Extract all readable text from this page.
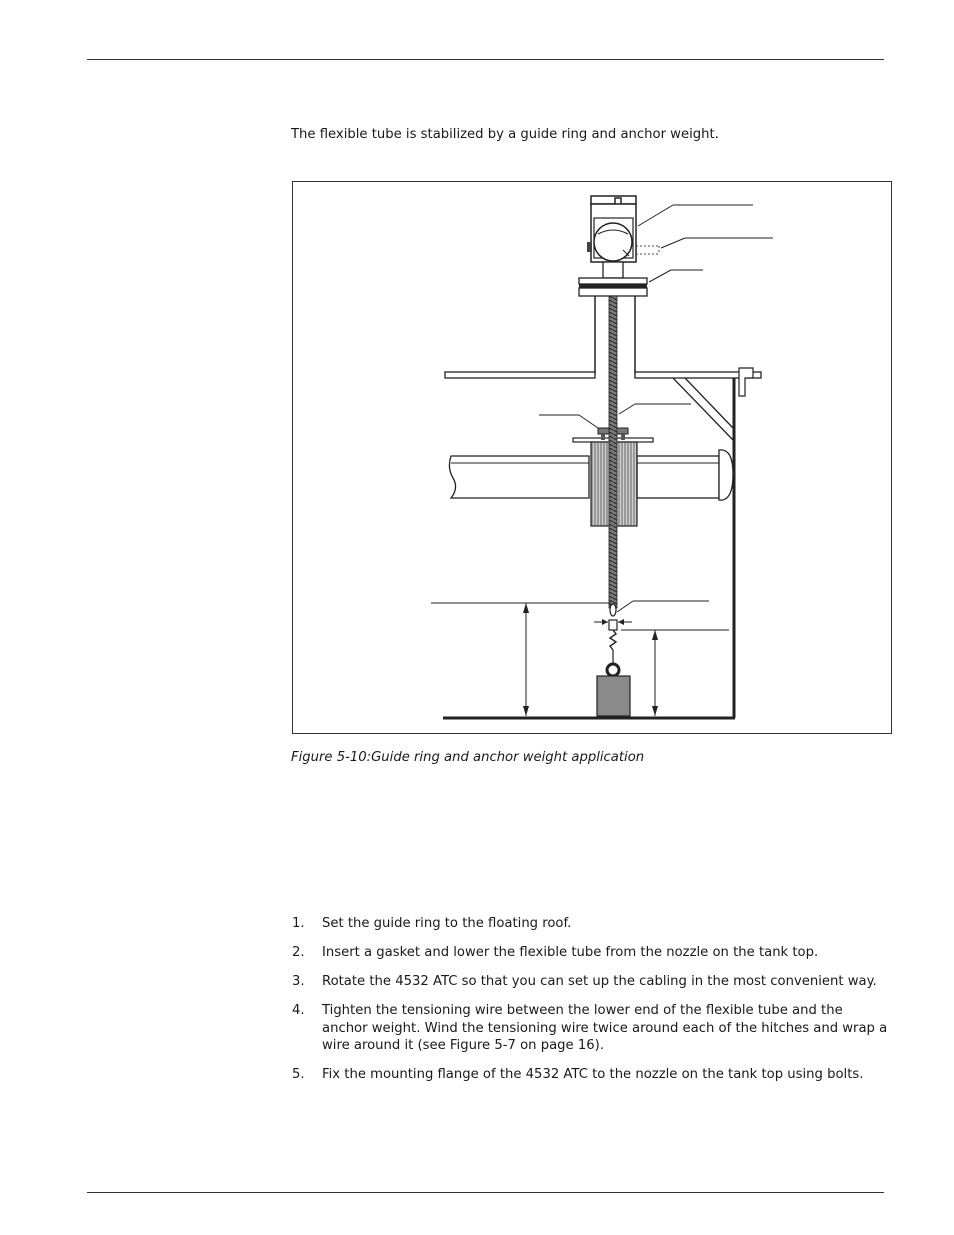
The flexible tube is stabilized by a guide ring and anchor weight.

Figure 5-10:Guide ring and anchor weight application

1. Set the guide ring to the floating roof.
2. Insert a gasket and lower the flexible tube from the nozzle on the tank top.
3. Rotate the 4532 ATC so that you can set up the cabling in the most convenient way.
4. Tighten the tensioning wire between the lower end of the flexible tube and the anchor weight. Wind the tensioning wire twice around each of the hitches and wrap a wire around it (see Figure 5-7 on page 16).
5. Fix the mounting flange of the 4532 ATC to the nozzle on the tank top using bolts.
